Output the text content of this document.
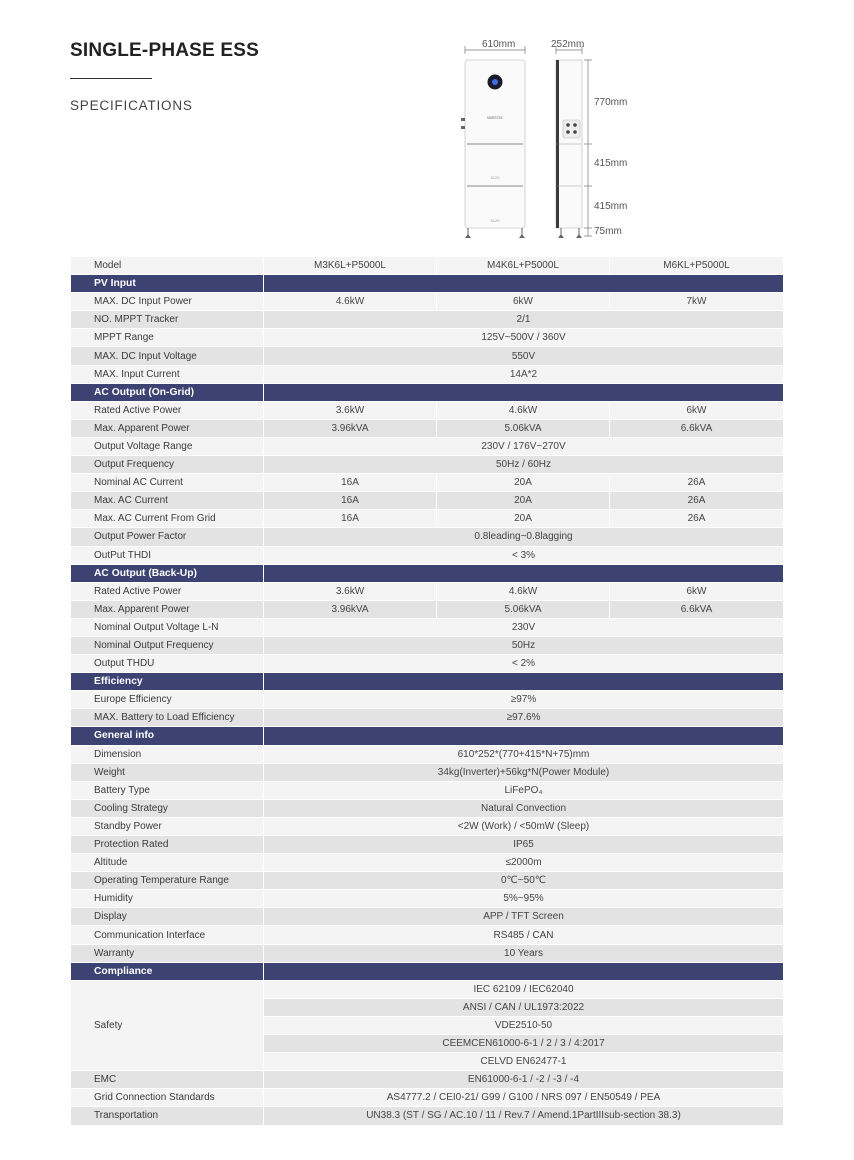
SINGLE-PHASE ESS
SPECIFICATIONS
MARSTEK
5120
5120
610mm	252mm
770mm
415mm
415mm
75mm
Model	M3K6L+P5000L	M4K6L+P5000L	M6KL+P5000L
PV Input			
MAX. DC Input Power	4.6kW	6kW	7kW
NO. MPPT Tracker	2/1		
MPPT Range	125V~500V / 360V		
MAX. DC Input Voltage	550V		
MAX. Input Current	14A*2		
AC Output (On-Grid)			
Rated Active Power	3.6kW	4.6kW	6kW
Max. Apparent Power	3.96kVA	5.06kVA	6.6kVA
Output Voltage Range	230V / 176V~270V		
Output Frequency	50Hz / 60Hz		
Nominal AC Current	16A	20A	26A
Max. AC Current	16A	20A	26A
Max. AC Current From Grid	16A	20A	26A
Output Power Factor	0.8leading~0.8lagging		
OutPut THDI	< 3%		
AC Output (Back-Up)			
Rated Active Power	3.6kW	4.6kW	6kW
Max. Apparent Power	3.96kVA	5.06kVA	6.6kVA
Nominal Output Voltage L-N	230V		
Nominal Output Frequency	50Hz		
Output THDU	< 2%		
Efficiency			
Europe Efficiency	≥97%		
MAX. Battery to Load Efficiency	≥97.6%		
General info			
Dimension	610*252*(770+415*N+75)mm		
Weight	34kg(Inverter)+56kg*N(Power Module)		
Battery Type	LiFePO₄		
Cooling Strategy	Natural Convection		
Standby Power	<2W (Work) / <50mW (Sleep)		
Protection Rated	IP65		
Altitude	≤2000m		
Operating Temperature Range	0℃~50℃		
Humidity	5%~95%		
Display	APP / TFT Screen		
Communication Interface	RS485 / CAN		
Warranty	10 Years		
Compliance			
Safety	IEC 62109 / IEC62040		
	ANSI / CAN / UL1973:2022		
	VDE2510-50		
	CEEMCEN61000-6-1 / 2 / 3 / 4:2017		
	CELVD EN62477-1		
EMC	EN61000-6-1 / -2 / -3 / -4		
Grid Connection Standards	AS4777.2 / CEI0-21/ G99 / G100 / NRS 097 / EN50549 / PEA		
Transportation	UN38.3 (ST / SG / AC.10 / 11 / Rev.7 / Amend.1PartIIIsub-section 38.3)		
